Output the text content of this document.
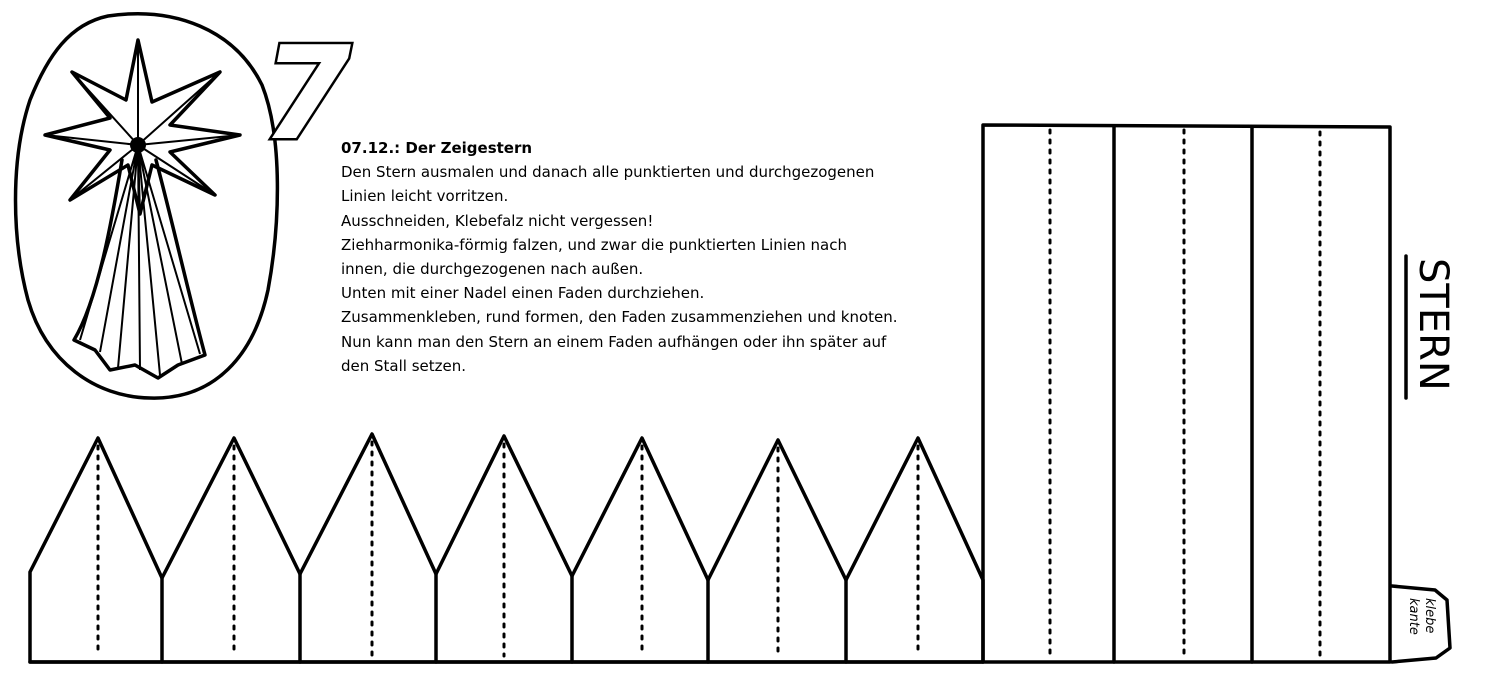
7
klebe
kante
STERN
07.12.: Der Zeigestern
Den Stern ausmalen und danach alle punktierten und durchgezogenen
Linien leicht vorritzen.
Ausschneiden, Klebefalz nicht vergessen!
Ziehharmonika-förmig falzen, und zwar die punktierten Linien nach
innen, die durchgezogenen nach außen.
Unten mit einer Nadel einen Faden durchziehen.
Zusammenkleben, rund formen, den Faden zusammenziehen und knoten.
Nun kann man den Stern an einem Faden aufhängen oder ihn später auf
den Stall setzen.
